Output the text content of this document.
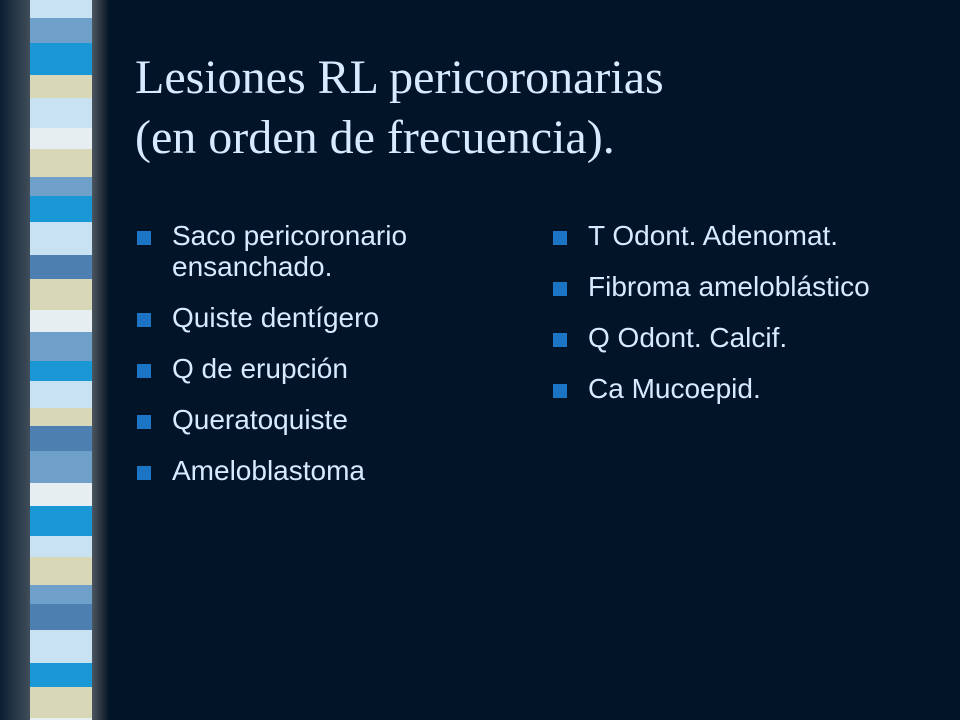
Lesiones RL pericoronarias
(en orden de frecuencia).
Saco pericoronario ensanchado.
Quiste dentígero
Q de erupción
Queratoquiste
Ameloblastoma
T Odont. Adenomat.
Fibroma ameloblástico
Q Odont. Calcif.
Ca Mucoepid.
